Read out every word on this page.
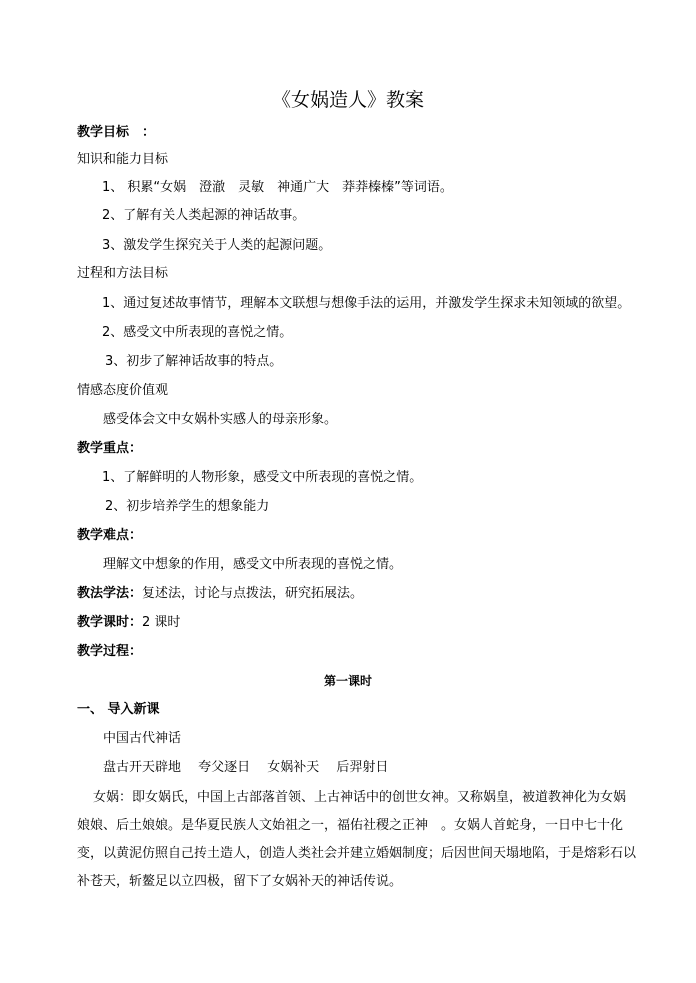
《女娲造人》教案
教学目标　：
知识和能力目标
1、 积累“女娲　澄澈　灵敏　神通广大　莽莽榛榛”等词语。
2、了解有关人类起源的神话故事。
3、激发学生探究关于人类的起源问题。
过程和方法目标
1、通过复述故事情节，理解本文联想与想像手法的运用，并激发学生探求未知领域的欲望。
2、感受文中所表现的喜悦之情。
3、初步了解神话故事的特点。
情感态度价值观
感受体会文中女娲朴实感人的母亲形象。
教学重点：
1、了解鲜明的人物形象，感受文中所表现的喜悦之情。
2、初步培养学生的想象能力
教学难点：
理解文中想象的作用，感受文中所表现的喜悦之情。
教法学法：复述法，讨论与点拨法，研究拓展法。
教学课时：2 课时
教学过程：
第一课时
一、 导入新课
中国古代神话
盘古开天辟地　 夸父逐日　 女娲补天　 后羿射日
女娲：即女娲氏，中国上古部落首领、上古神话中的创世女神。又称娲皇，被道教神化为女娲娘娘、后土娘娘。是华夏民族人文始祖之一，福佑社稷之正神　。女娲人首蛇身，一日中七十化变，以黄泥仿照自己抟土造人，创造人类社会并建立婚姻制度；后因世间天塌地陷，于是熔彩石以补苍天，斩鳌足以立四极，留下了女娲补天的神话传说。
